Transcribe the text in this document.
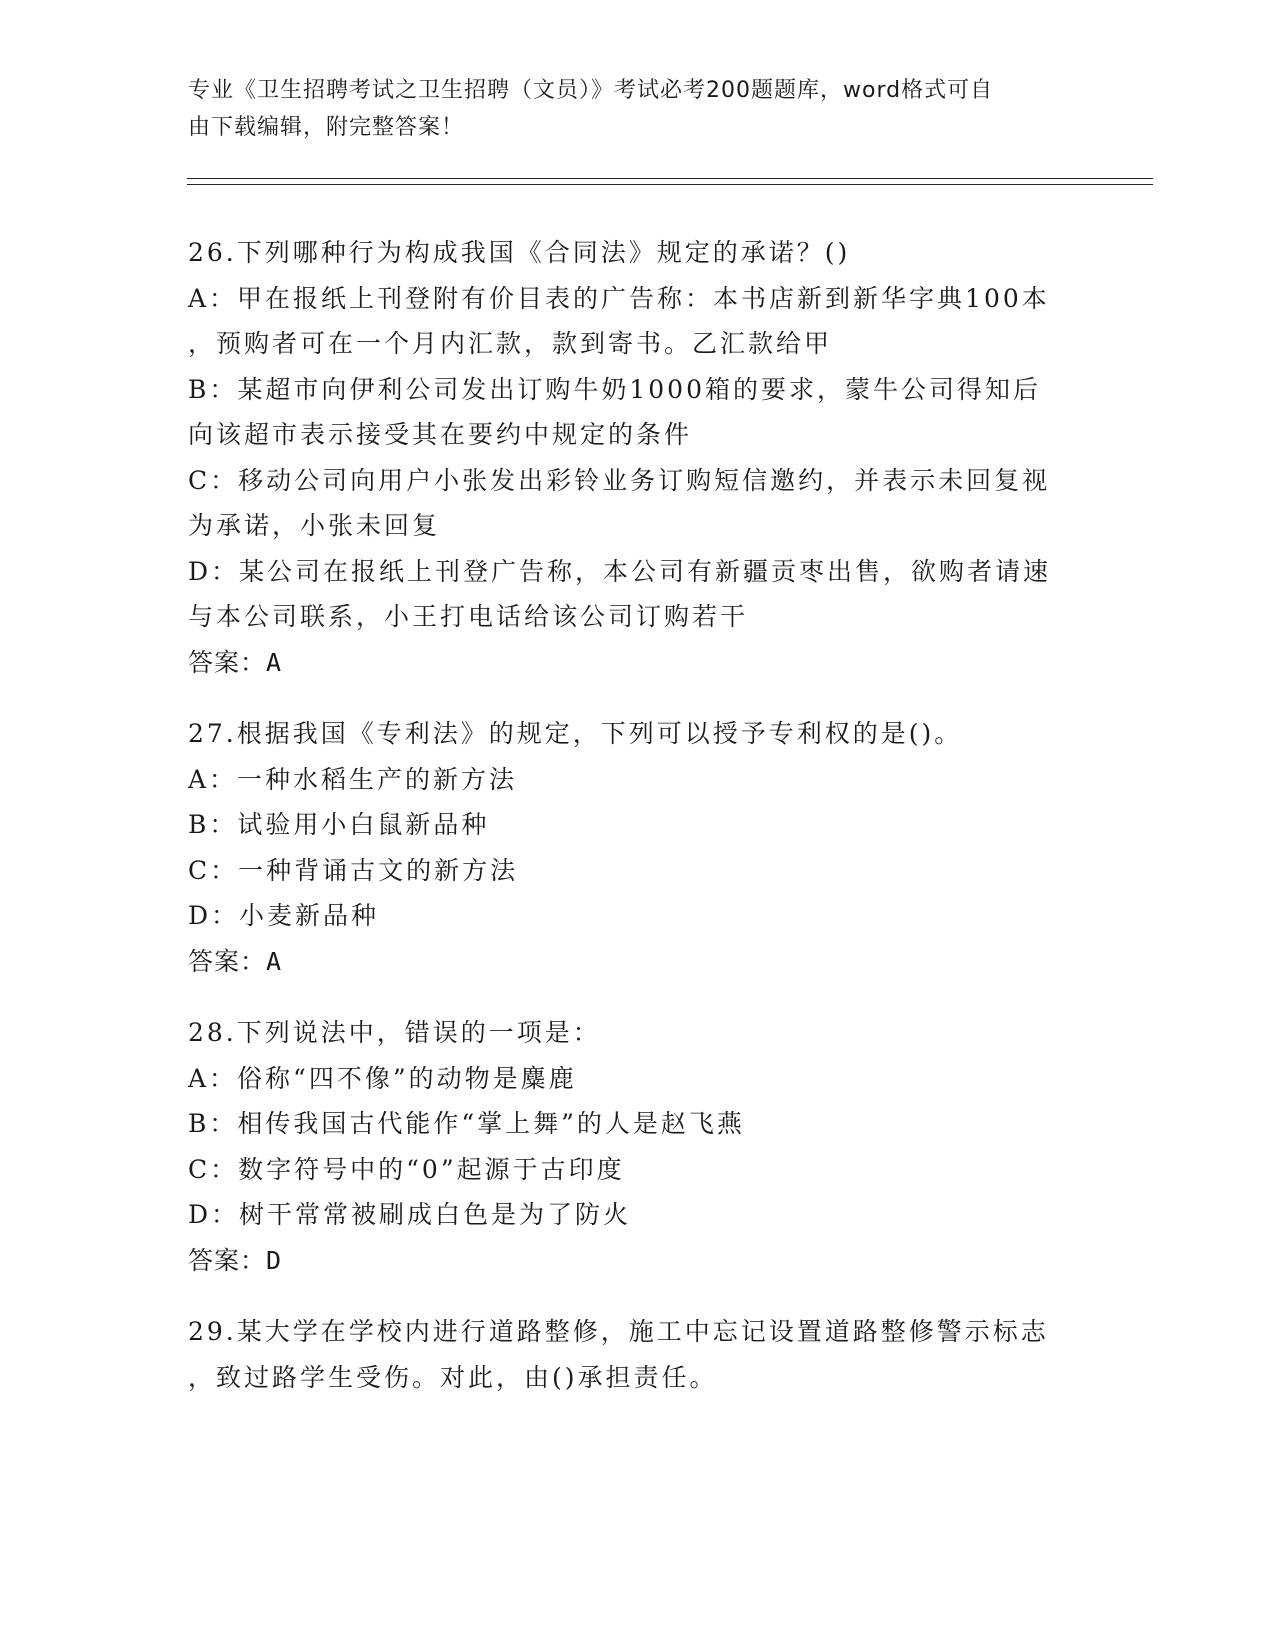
专业《卫生招聘考试之卫生招聘（文员）》考试必考200题题库，word格式可自
由下载编辑，附完整答案！
26.下列哪种行为构成我国《合同法》规定的承诺？()
A：甲在报纸上刊登附有价目表的广告称：本书店新到新华字典100本
，预购者可在一个月内汇款，款到寄书。乙汇款给甲
B：某超市向伊利公司发出订购牛奶1000箱的要求，蒙牛公司得知后
向该超市表示接受其在要约中规定的条件
C：移动公司向用户小张发出彩铃业务订购短信邀约，并表示未回复视
为承诺，小张未回复
D：某公司在报纸上刊登广告称，本公司有新疆贡枣出售，欲购者请速
与本公司联系，小王打电话给该公司订购若干
答案：A
27.根据我国《专利法》的规定，下列可以授予专利权的是()。
A：一种水稻生产的新方法
B：试验用小白鼠新品种
C：一种背诵古文的新方法
D：小麦新品种
答案：A
28.下列说法中，错误的一项是：
A：俗称“四不像”的动物是麋鹿
B：相传我国古代能作“掌上舞”的人是赵飞燕
C：数字符号中的“0”起源于古印度
D：树干常常被刷成白色是为了防火
答案：D
29.某大学在学校内进行道路整修，施工中忘记设置道路整修警示标志
，致过路学生受伤。对此，由()承担责任。
